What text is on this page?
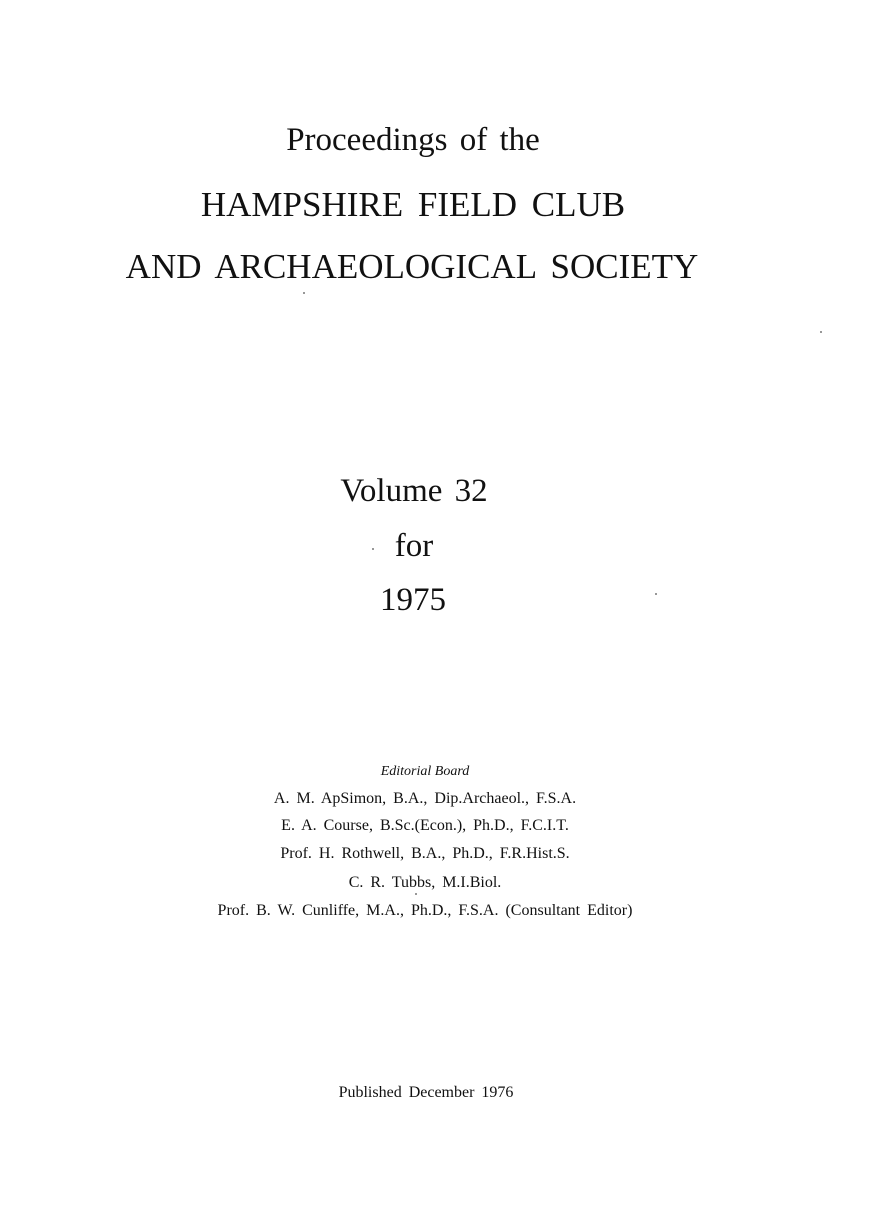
Proceedings of the
HAMPSHIRE FIELD CLUB
AND ARCHAEOLOGICAL SOCIETY
Volume 32
for
1975
Editorial Board
A. M. ApSimon, B.A., Dip.Archaeol., F.S.A.
E. A. Course, B.Sc.(Econ.), Ph.D., F.C.I.T.
Prof. H. Rothwell, B.A., Ph.D., F.R.Hist.S.
C. R. Tubbs, M.I.Biol.
Prof. B. W. Cunliffe, M.A., Ph.D., F.S.A. (Consultant Editor)
Published December 1976
